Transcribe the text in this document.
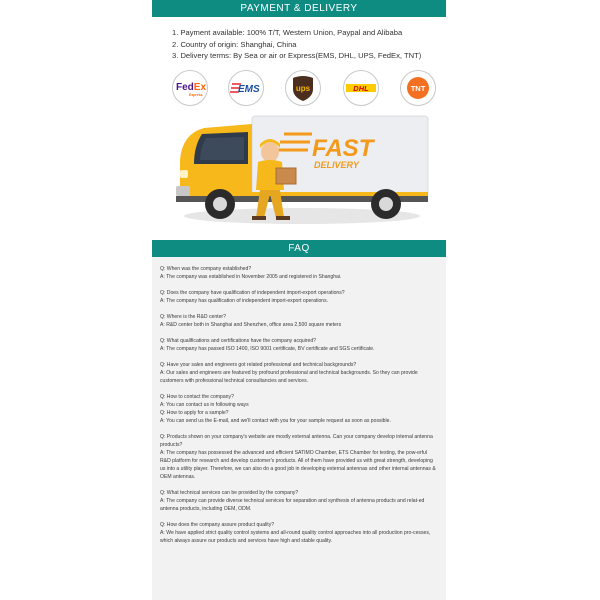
PAYMENT & DELIVERY
1. Payment available: 100% T/T, Western Union, Paypal and Alibaba
2. Country of origin: Shanghai, China
3. Delivery terms: By Sea or air or Express(EMS, DHL, UPS, FedEx, TNT)
FedEx
Express	EMS	ups	DHL	TNT
FAST
DELIVERY
FAQ

Q: When was the company established?

A: The company was established in November 2005 and registered in Shanghai.

Q: Does the company have qualification of independent import-export operations?

A: The company has qualification of independent import-export operations.

Q: Where is the R&D center?

A: R&D center both in Shanghai and Shenzhen, office area 2,500 square meters

Q: What qualifications and certifications have the company acquired?

A: The company has passed ISO 1400, ISO 9001 certificate, BV certificate and SGS certificate.

Q: Have your sales and engineers got related professional and technical backgrounds?

A: Our sales and engineers are featured by profound professional and technical backgrounds. So they can provide customers with professional technical consultancies and services.

Q: How to contact the company?

A: You can contact us in following ways

Q: How to apply for a sample?

A: You can send us the E-mail, and we'll contact with you for your sample request as soon as possible.

Q: Products shown on your company's website are mostly external antenna. Can your company develop internal antenna products?

A: The company has possessed the advanced and efficient SATIMO Chamber, ETS Chamber for testing, the pow-erful R&D platform for research and develop customer's products. All of them have provided us with great strength, developing us into a utility player. Therefore, we can also do a good job in developing external antennas and other internal antennas & OEM antennas.

Q: What technical services can be provided by the company?

A: The company can provide diverse technical services for separation and synthesis of antenna products and relat-ed antenna products, including OEM, ODM.

Q: How does the company assure product quality?

A: We have applied strict quality control systems and all-round quality control approaches into all production pro-cesses, which always assure our products and services have high and stable quality.
